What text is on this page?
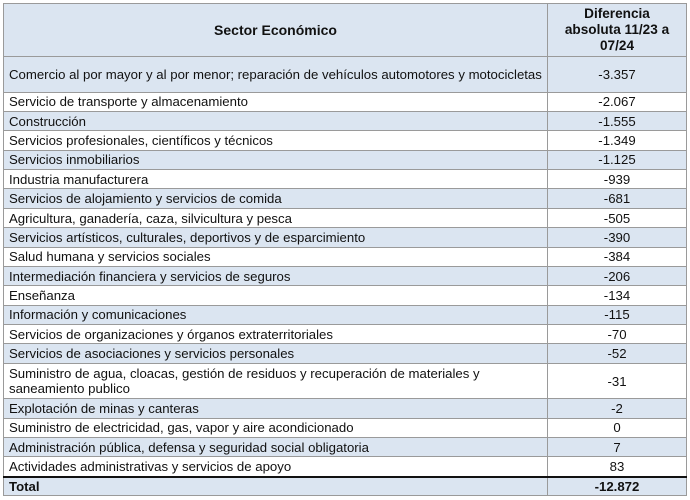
Sector Económico	Diferencia
absoluta 11/23 a
07/24

Comercio al por mayor y al por menor; reparación de vehículos automotores y motocicletas	-3.357
Servicio de transporte y almacenamiento	-2.067
Construcción	-1.555
Servicios profesionales, científicos y técnicos	-1.349
Servicios inmobiliarios	-1.125
Industria manufacturera	-939
Servicios de alojamiento y servicios de comida	-681
Agricultura, ganadería, caza, silvicultura y pesca	-505
Servicios artísticos, culturales, deportivos y de esparcimiento	-390
Salud humana y servicios sociales	-384
Intermediación financiera y servicios de seguros	-206
Enseñanza	-134
Información y comunicaciones	-115
Servicios de organizaciones y órganos extraterritoriales	-70
Servicios de asociaciones y servicios personales	-52
Suministro de agua, cloacas, gestión de residuos y recuperación de materiales y saneamiento publico	-31
Explotación de minas y canteras	-2
Suministro de electricidad, gas, vapor y aire acondicionado	0
Administración pública, defensa y seguridad social obligatoria	7
Actividades administrativas y servicios de apoyo	83
Total	-12.872
